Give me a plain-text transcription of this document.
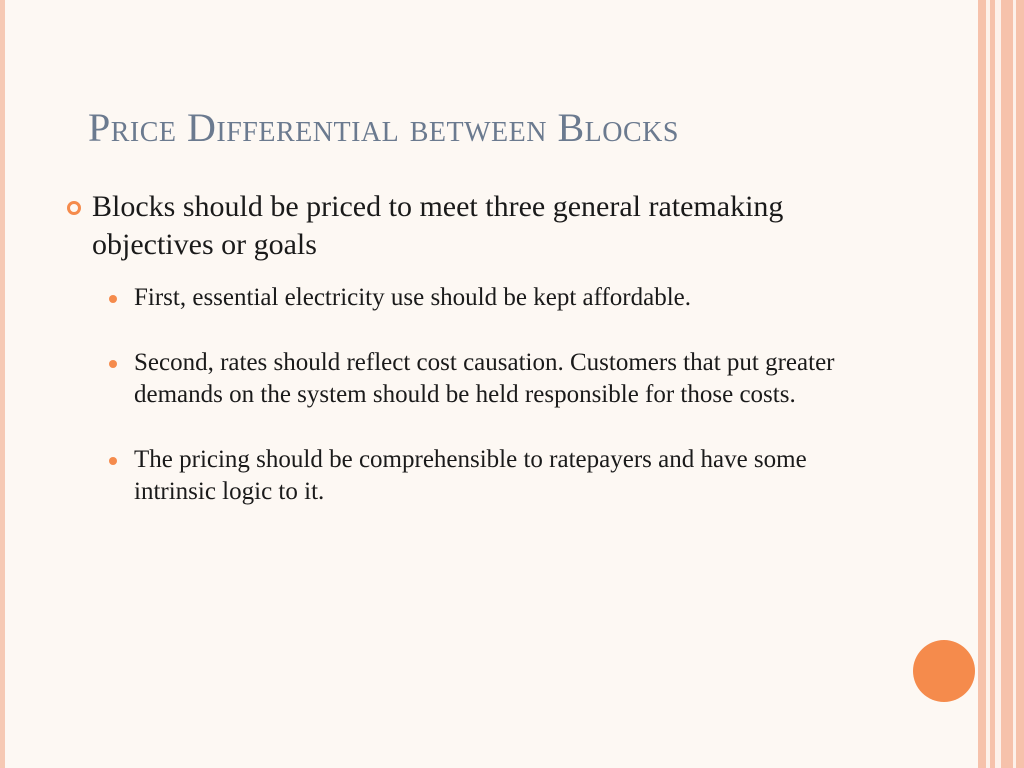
Price Differential between Blocks
Blocks should be priced to meet three general ratemaking objectives or goals
First, essential electricity use should be kept affordable.
Second, rates should reflect cost causation. Customers that put greater demands on the system should be held responsible for those costs.
The pricing should be comprehensible to ratepayers and have some intrinsic logic to it.
